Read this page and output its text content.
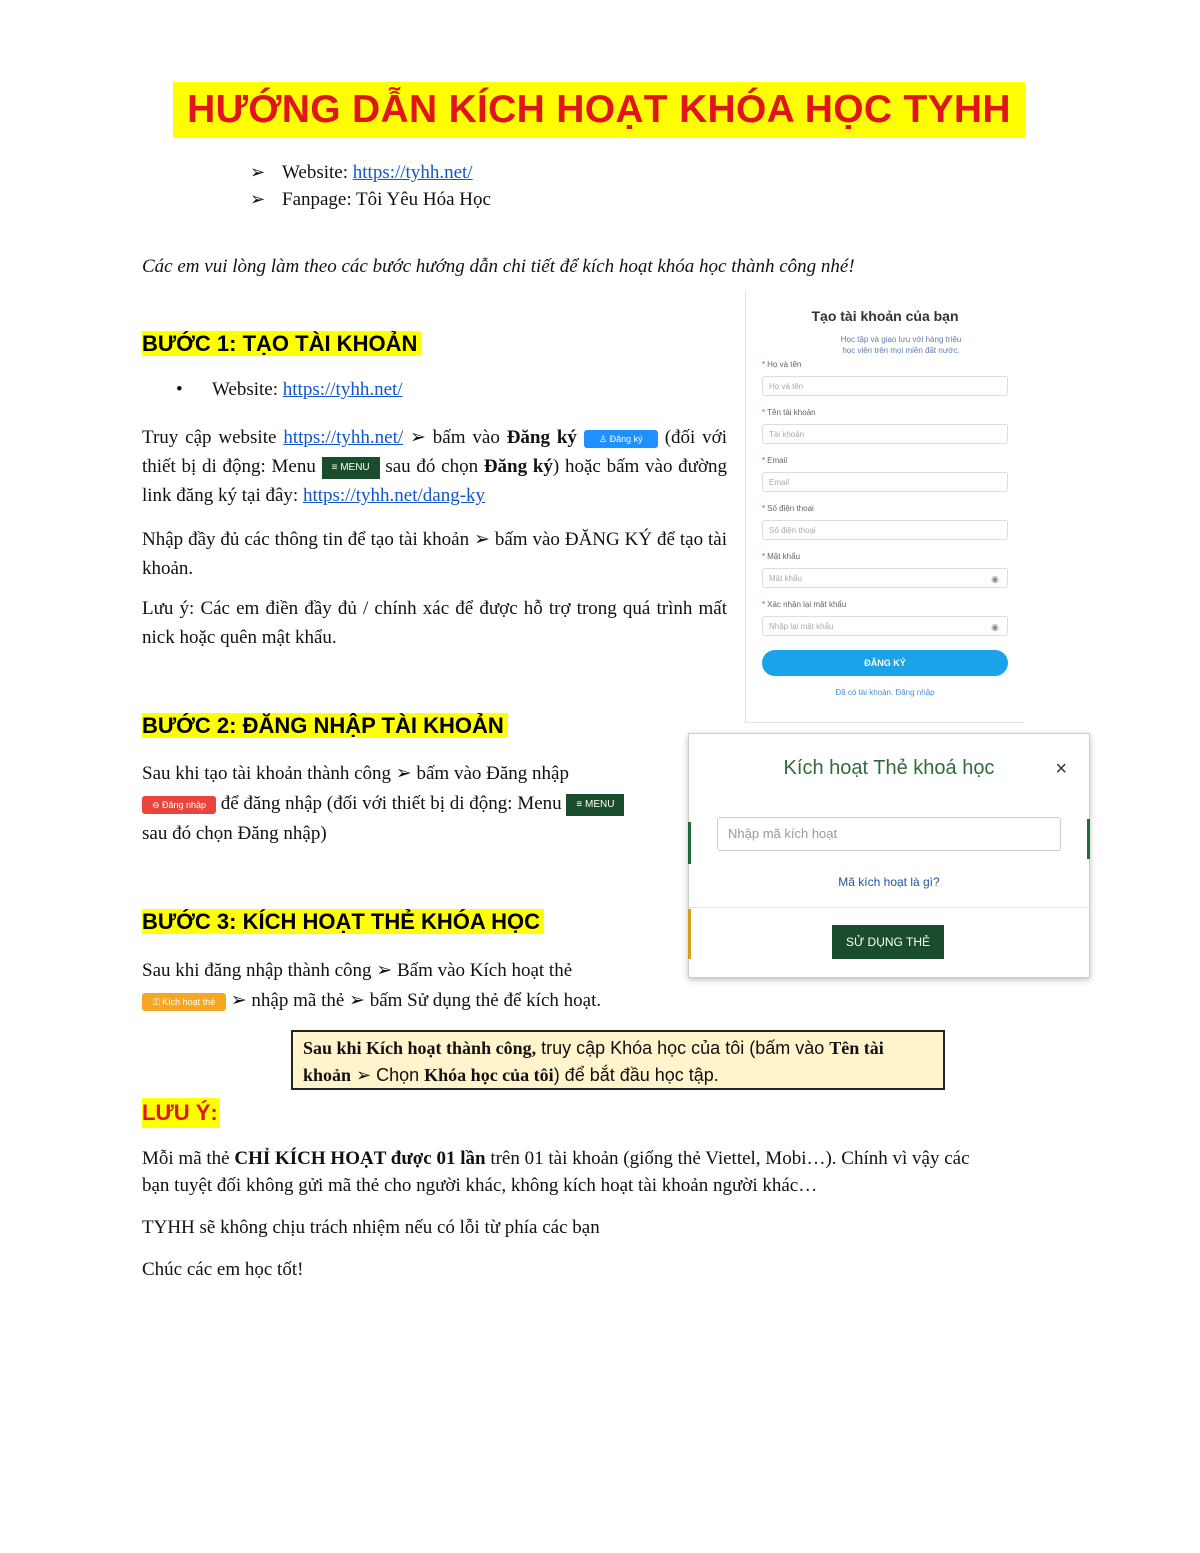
HƯỚNG DẪN KÍCH HOẠT KHÓA HỌC TYHH
➢ Website: https://tyhh.net/
➢ Fanpage: Tôi Yêu Hóa Học
Các em vui lòng làm theo các bước hướng dẫn chi tiết để kích hoạt khóa học thành công nhé!
BƯỚC 1: TẠO TÀI KHOẢN
• Website: https://tyhh.net/
Truy cập website https://tyhh.net/ ➢ bấm vào Đăng ký ♙ Đăng ký (đối với thiết bị di động: Menu ≡ MENU sau đó chọn Đăng ký) hoặc bấm vào đường link đăng ký tại đây: https://tyhh.net/dang-ky
Nhập đầy đủ các thông tin để tạo tài khoản ➢ bấm vào ĐĂNG KÝ để tạo tài khoản.
Lưu ý: Các em điền đầy đủ / chính xác để được hỗ trợ trong quá trình mất nick hoặc quên mật khẩu.
Tạo tài khoản của bạn
Học tập và giao lưu với hàng triệu học viên trên mọi miền đất nước.
* Họ và tên
Họ và tên
* Tên tài khoản
Tài khoản
* Email
Email
* Số điện thoại
Số điện thoại
* Mật khẩu
Mật khẩu	◉
* Xác nhận lại mật khẩu
Nhập lại mật khẩu	◉
ĐĂNG KÝ
Đã có tài khoản. Đăng nhập
BƯỚC 2: ĐĂNG NHẬP TÀI KHOẢN
Sau khi tạo tài khoản thành công ➢ bấm vào Đăng nhập
⊖ Đăng nhập để đăng nhập (đối với thiết bị di động: Menu ≡ MENU
sau đó chọn Đăng nhập)
Kích hoạt Thẻ khoá học	×
Nhập mã kích hoạt
Mã kích hoạt là gì?
SỬ DỤNG THẺ
BƯỚC 3: KÍCH HOẠT THẺ KHÓA HỌC
Sau khi đăng nhập thành công ➢ Bấm vào Kích hoạt thẻ
⚿ Kích hoạt thẻ ➢ nhập mã thẻ ➢ bấm Sử dụng thẻ để kích hoạt.
Sau khi Kích hoạt thành công, truy cập Khóa học của tôi (bấm vào Tên tài khoản ➢ Chọn Khóa học của tôi) để bắt đầu học tập.
LƯU Ý:
Mỗi mã thẻ CHỈ KÍCH HOẠT được 01 lần trên 01 tài khoản (giống thẻ Viettel, Mobi…). Chính vì vậy các bạn tuyệt đối không gửi mã thẻ cho người khác, không kích hoạt tài khoản người khác…
TYHH sẽ không chịu trách nhiệm nếu có lỗi từ phía các bạn
Chúc các em học tốt!
